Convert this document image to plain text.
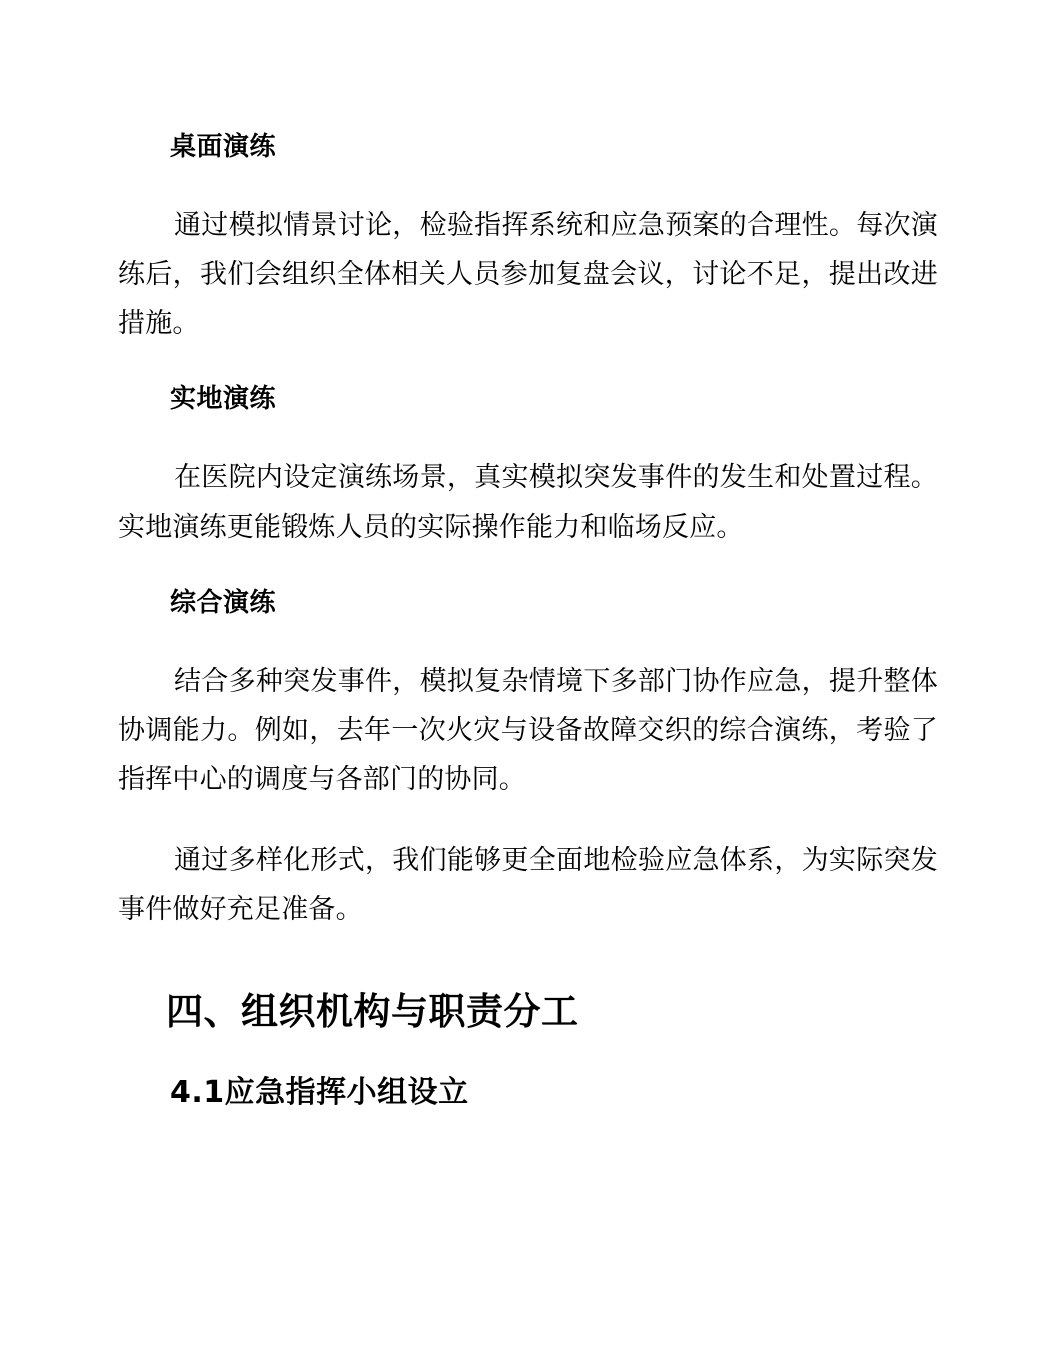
桌面演练

通过模拟情景讨论，检验指挥系统和应急预案的合理性。每次演练后，我们会组织全体相关人员参加复盘会议，讨论不足，提出改进措施。

实地演练

在医院内设定演练场景，真实模拟突发事件的发生和处置过程。实地演练更能锻炼人员的实际操作能力和临场反应。

综合演练

结合多种突发事件，模拟复杂情境下多部门协作应急，提升整体协调能力。例如，去年一次火灾与设备故障交织的综合演练，考验了指挥中心的调度与各部门的协同。

通过多样化形式，我们能够更全面地检验应急体系，为实际突发事件做好充足准备。

四、组织机构与职责分工
4.1应急指挥小组设立
